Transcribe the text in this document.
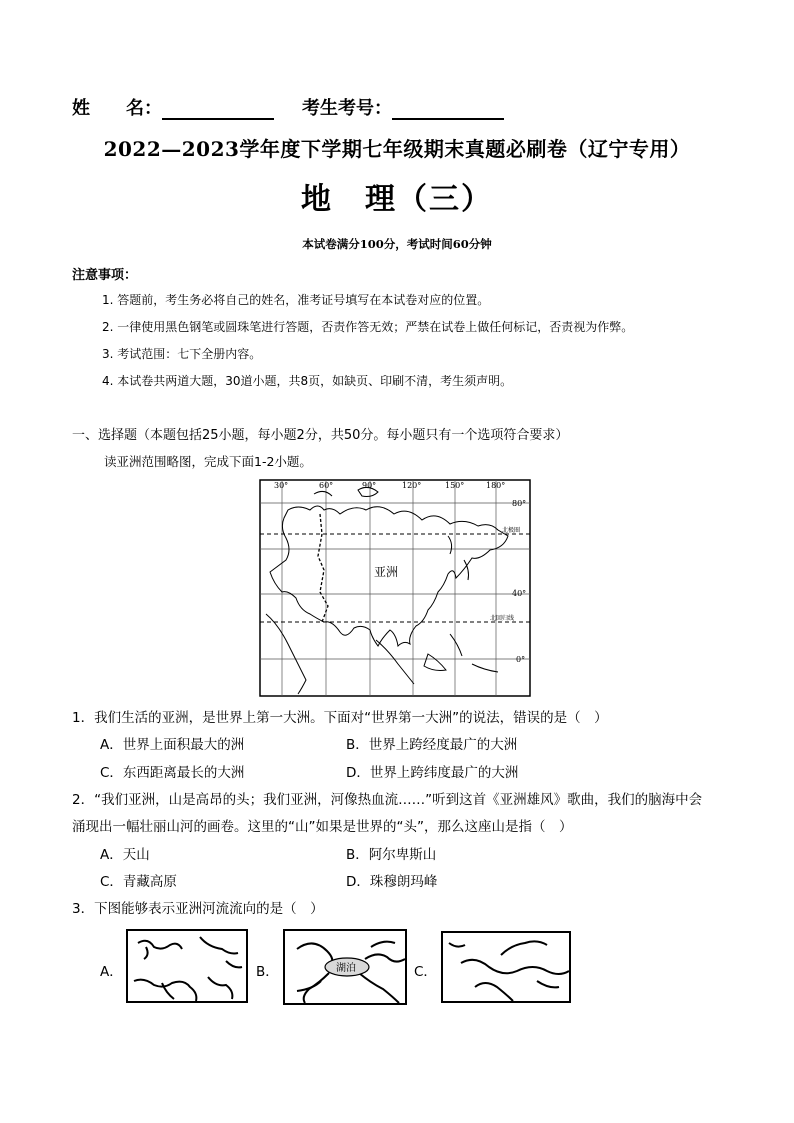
姓　　名：	考生考号：
2022—2023学年度下学期七年级期末真题必刷卷（辽宁专用）
地　理（三）
本试卷满分100分，考试时间60分钟
注意事项：
1. 答题前，考生务必将自己的姓名，准考证号填写在本试卷对应的位置。
2. 一律使用黑色钢笔或圆珠笔进行答题，否责作答无效；严禁在试卷上做任何标记，否责视为作弊。
3. 考试范围：七下全册内容。
4. 本试卷共两道大题，30道小题，共8页，如缺页、印刷不清，考生须声明。
一、选择题（本题包括25小题，每小题2分，共50分。每小题只有一个选项符合要求）
读亚洲范围略图，完成下面1-2小题。
30°	60°	90°	120°	150°	180°
80°
40°
0°
亚洲
北极圈
北回归线
1．我们生活的亚洲，是世界上第一大洲。下面对“世界第一大洲”的说法，错误的是（　）
A．世界上面积最大的洲	B．世界上跨经度最广的大洲
C．东西距离最长的大洲	D．世界上跨纬度最广的大洲
2．“我们亚洲，山是高昂的头；我们亚洲，河像热血流……”听到这首《亚洲雄风》歌曲，我们的脑海中会
涌现出一幅壮丽山河的画卷。这里的“山”如果是世界的“头”，那么这座山是指（　）
A．天山	B．阿尔卑斯山
C．青藏高原	D．珠穆朗玛峰
3．下图能够表示亚洲河流流向的是（　）
A．	B．	湖泊	C．
